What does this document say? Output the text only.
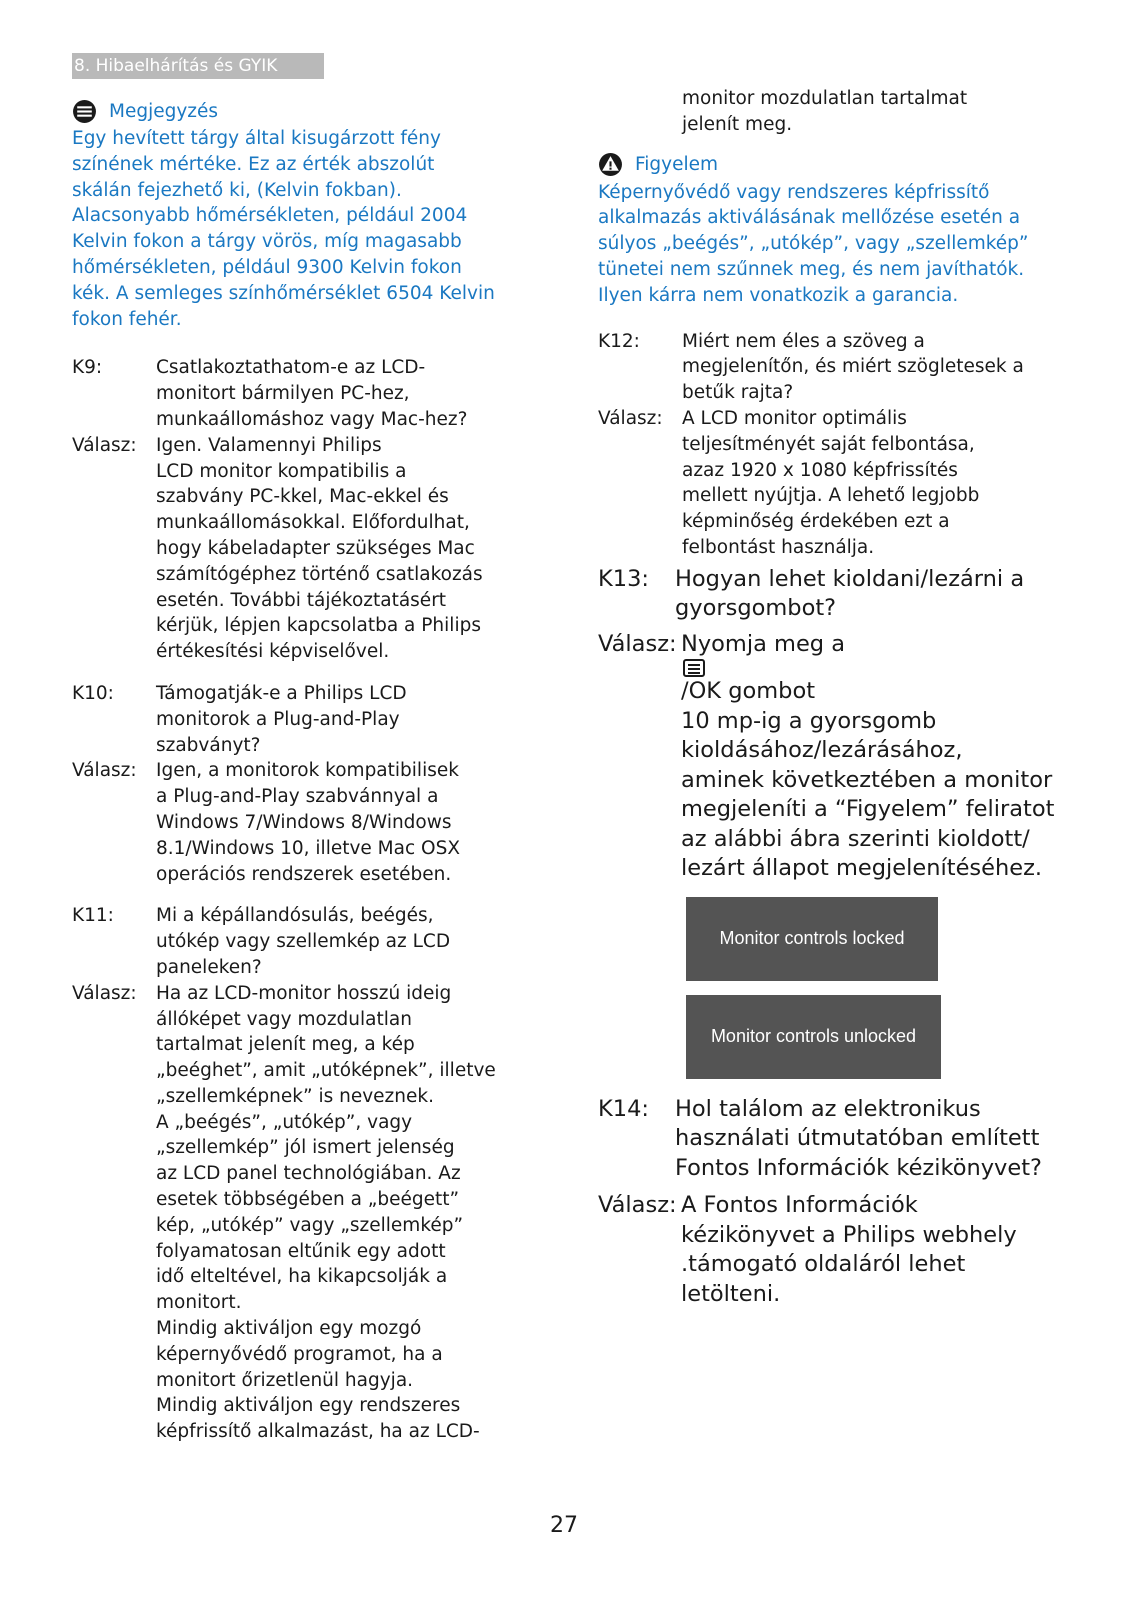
8. Hibaelhárítás és GYIK
Megjegyzés
Egy hevített tárgy által kisugárzott fény
színének mértéke. Ez az érték abszolút
skálán fejezhető ki, (Kelvin fokban).
Alacsonyabb hőmérsékleten, például 2004
Kelvin fokon a tárgy vörös, míg magasabb
hőmérsékleten, például 9300 Kelvin fokon
kék. A semleges színhőmérséklet 6504 Kelvin
fokon fehér.
K9:	Csatlakoztathatom-e az LCD-
monitort bármilyen PC-hez,
munkaállomáshoz vagy Mac-hez?
Válasz:	Igen. Valamennyi Philips
LCD monitor kompatibilis a
szabvány PC-kkel, Mac-ekkel és
munkaállomásokkal. Előfordulhat,
hogy kábeladapter szükséges Mac
számítógéphez történő csatlakozás
esetén. További tájékoztatásért
kérjük, lépjen kapcsolatba a Philips
értékesítési képviselővel.
K10:	Támogatják-e a Philips LCD
monitorok a Plug-and-Play
szabványt?
Válasz:	Igen, a monitorok kompatibilisek
a Plug-and-Play szabvánnyal a
Windows 7/Windows 8/Windows
8.1/Windows 10, illetve Mac OSX
operációs rendszerek esetében.
K11:	Mi a képállandósulás, beégés,
utókép vagy szellemkép az LCD
paneleken?
Válasz:	Ha az LCD-monitor hosszú ideig
állóképet vagy mozdulatlan
tartalmat jelenít meg, a kép
„beéghet”, amit „utóképnek”, illetve
„szellemképnek” is neveznek.
A „beégés”, „utókép”, vagy
„szellemkép” jól ismert jelenség
az LCD panel technológiában. Az
esetek többségében a „beégett”
kép, „utókép” vagy „szellemkép”
folyamatosan eltűnik egy adott
idő elteltével, ha kikapcsolják a
monitort.
Mindig aktiváljon egy mozgó
képernyővédő programot, ha a
monitort őrizetlenül hagyja.
Mindig aktiváljon egy rendszeres
képfrissítő alkalmazást, ha az LCD-
monitor mozdulatlan tartalmat
jelenít meg.
Figyelem
Képernyővédő vagy rendszeres képfrissítő
alkalmazás aktiválásának mellőzése esetén a
súlyos „beégés”, „utókép”, vagy „szellemkép”
tünetei nem szűnnek meg, és nem javíthatók.
Ilyen kárra nem vonatkozik a garancia.
K12:	Miért nem éles a szöveg a
megjelenítőn, és miért szögletesek a
betűk rajta?
Válasz:	A LCD monitor optimális
teljesítményét saját felbontása,
azaz 1920 x 1080 képfrissítés
mellett nyújtja. A lehető legjobb
képminőség érdekében ezt a
felbontást használja.
K13:	Hogyan lehet kioldani/lezárni a
gyorsgombot?
Válasz: Nyomja meg a
/OK gombot
10 mp-ig a gyorsgomb
kioldásához/lezárásához,
aminek következtében a monitor
megjeleníti a “Figyelem” feliratot
az alábbi ábra szerinti kioldott/
lezárt állapot megjelenítéséhez.
Monitor controls locked
Monitor controls unlocked
K14:	Hol találom az elektronikus
használati útmutatóban említett
Fontos Információk kézikönyvet?
Válasz: A Fontos Információk
kézikönyvet a Philips webhely
.támogató oldaláról lehet
letölteni.
27
